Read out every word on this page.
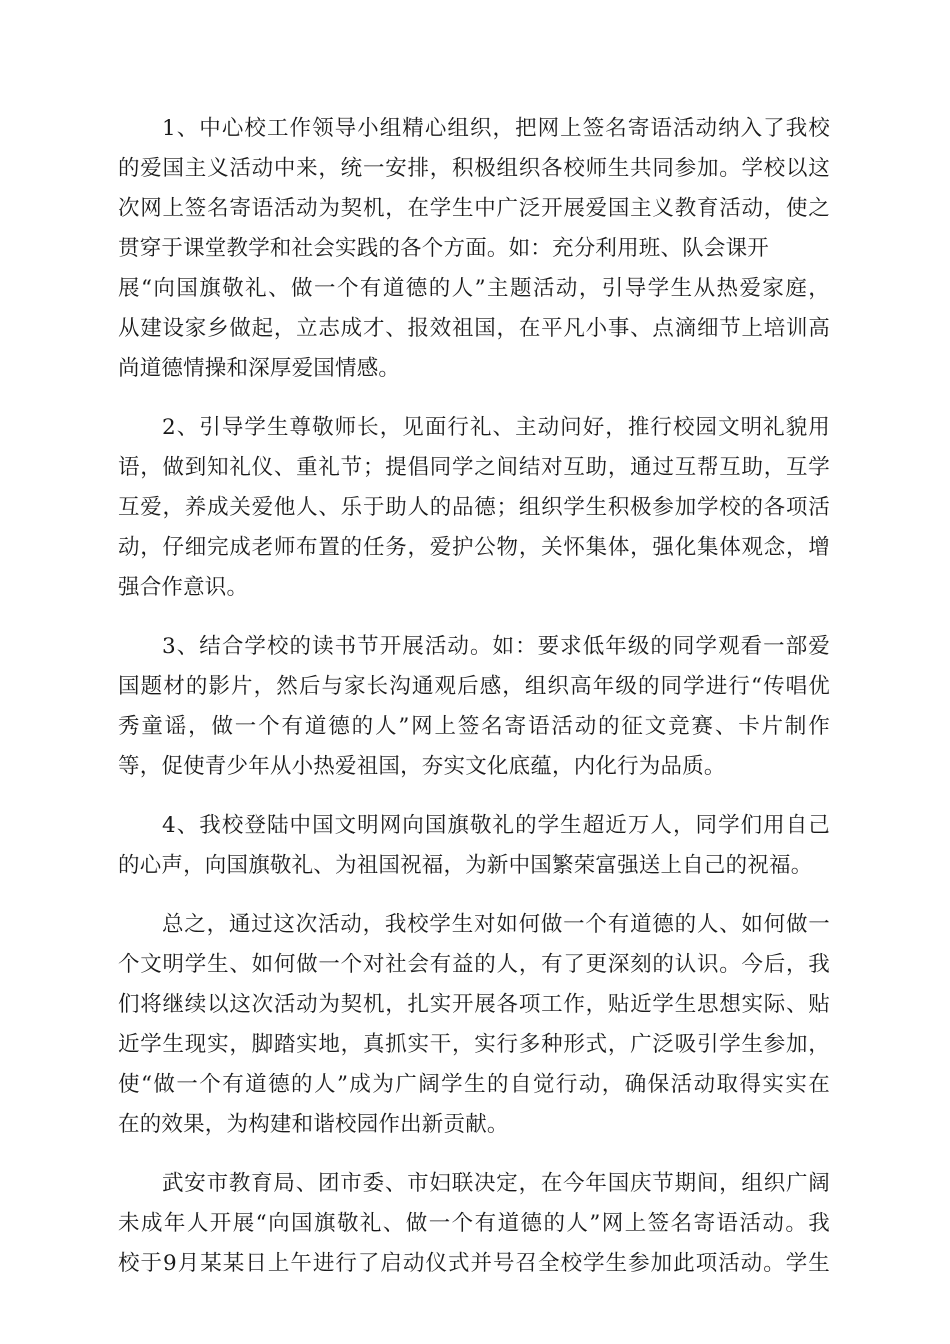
1、中心校工作领导小组精心组织，把网上签名寄语活动纳入了我校
的爱国主义活动中来，统一安排，积极组织各校师生共同参加。学校以这
次网上签名寄语活动为契机，在学生中广泛开展爱国主义教育活动，使之
贯穿于课堂教学和社会实践的各个方面。如：充分利用班、队会课开
展“向国旗敬礼、做一个有道德的人”主题活动，引导学生从热爱家庭，
从建设家乡做起，立志成才、报效祖国，在平凡小事、点滴细节上培训高
尚道德情操和深厚爱国情感。
2、引导学生尊敬师长，见面行礼、主动问好，推行校园文明礼貌用
语，做到知礼仪、重礼节；提倡同学之间结对互助，通过互帮互助，互学
互爱，养成关爱他人、乐于助人的品德；组织学生积极参加学校的各项活
动，仔细完成老师布置的任务，爱护公物，关怀集体，强化集体观念，增
强合作意识。
3、结合学校的读书节开展活动。如：要求低年级的同学观看一部爱
国题材的影片，然后与家长沟通观后感，组织高年级的同学进行“传唱优
秀童谣，做一个有道德的人”网上签名寄语活动的征文竞赛、卡片制作
等，促使青少年从小热爱祖国，夯实文化底蕴，内化行为品质。
4、我校登陆中国文明网向国旗敬礼的学生超近万人，同学们用自己
的心声，向国旗敬礼、为祖国祝福，为新中国繁荣富强送上自己的祝福。
总之，通过这次活动，我校学生对如何做一个有道德的人、如何做一
个文明学生、如何做一个对社会有益的人，有了更深刻的认识。今后，我
们将继续以这次活动为契机，扎实开展各项工作，贴近学生思想实际、贴
近学生现实，脚踏实地，真抓实干，实行多种形式，广泛吸引学生参加，
使“做一个有道德的人”成为广阔学生的自觉行动，确保活动取得实实在
在的效果，为构建和谐校园作出新贡献。
武安市教育局、团市委、市妇联决定，在今年国庆节期间，组织广阔
未成年人开展“向国旗敬礼、做一个有道德的人”网上签名寄语活动。我
校于9月某某日上午进行了启动仪式并号召全校学生参加此项活动。学生
